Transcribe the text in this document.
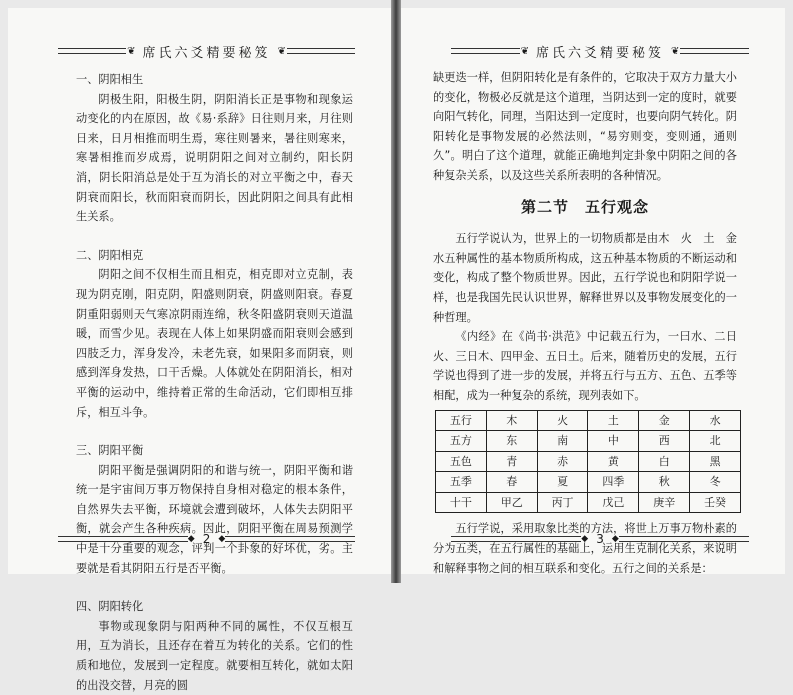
❦ 席氏六爻精要秘笈 ❦
一、阴阳相生

阴极生阳，阳极生阴，阴阳消长正是事物和现象运动变化的内在原因，故《易·系辞》日往则月来，月往则日来，日月相推而明生焉，寒往则暑来，暑往则寒来，寒暑相推而岁成焉，说明阴阳之间对立制约，阳长阴消，阴长阳消总是处于互为消长的对立平衡之中，春天阴衰而阳长，秋而阳衰而阴长，因此阴阳之间具有此相生关系。

二、阴阳相克

阴阳之间不仅相生而且相克，相克即对立克制，表现为阴克刚，阳克阴，阳盛则阴衰，阴盛则阳衰。春夏阴重阳弱则天气寒凉阴雨连绵，秋冬阳盛阴衰则天道温暖，而雪少见。表现在人体上如果阴盛而阳衰则会感到四肢乏力，浑身发冷，未老先衰，如果阳多而阴衰，则感到浑身发热，口干舌燥。人体就处在阴阳消长，相对平衡的运动中，维持着正常的生命活动，它们即相互排斥，相互斗争。

三、阴阳平衡

阴阳平衡是强调阴阳的和谐与统一，阴阳平衡和谐统一是宇宙间万事万物保持自身相对稳定的根本条件，自然界失去平衡，环境就会遭到破坏，人体失去阴阳平衡，就会产生各种疾病。因此，阴阳平衡在周易预测学中是十分重要的观念，评判一个卦象的好坏优，劣。主要就是看其阴阳五行是否平衡。

四、阴阳转化

事物或现象阴与阳两种不同的属性，不仅互根互用，互为消长，且还存在着互为转化的关系。它们的性质和地位，发展到一定程度。就要相互转化，就如太阳的出没交替，月亮的圆

◆ 2 ◆
❦ 席氏六爻精要秘笈 ❦

缺更迭一样，但阴阳转化是有条件的，它取决于双方力量大小的变化，物极必反就是这个道理，当阴达到一定的度时，就要向阳气转化，同理，当阳达到一定度时，也要向阴气转化。阴阳转化是事物发展的必然法则，“易穷则变，变则通，通则久”。明白了这个道理，就能正确地判定卦象中阴阳之间的各种复杂关系，以及这些关系所表明的各种情况。

第二节　五行观念

五行学说认为，世界上的一切物质都是由木　火　土　金　水五种属性的基本物质所构成，这五种基本物质的不断运动和变化，构成了整个物质世界。因此，五行学说也和阴阳学说一样，也是我国先民认识世界，解释世界以及事物发展变化的一种哲理。

《内经》在《尚书·洪范》中记载五行为，一曰水、二日火、三日木、四甲金、五日土。后来，随着历史的发展，五行学说也得到了进一步的发展，并将五行与五方、五色、五季等相配，成为一种复杂的系统，现列表如下。

五行	木	火	土	金	水
五方	东	南	中	西	北
五色	青	赤	黄	白	黑
五季	春	夏	四季	秋	冬
十干	甲乙	丙丁	戊己	庚辛	壬癸

五行学说，采用取象比类的方法，将世上万事万物朴素的分为五类，在五行属性的基础上，运用生克制化关系，来说明和解释事物之间的相互联系和变化。五行之间的关系是：

◆ 3 ◆
